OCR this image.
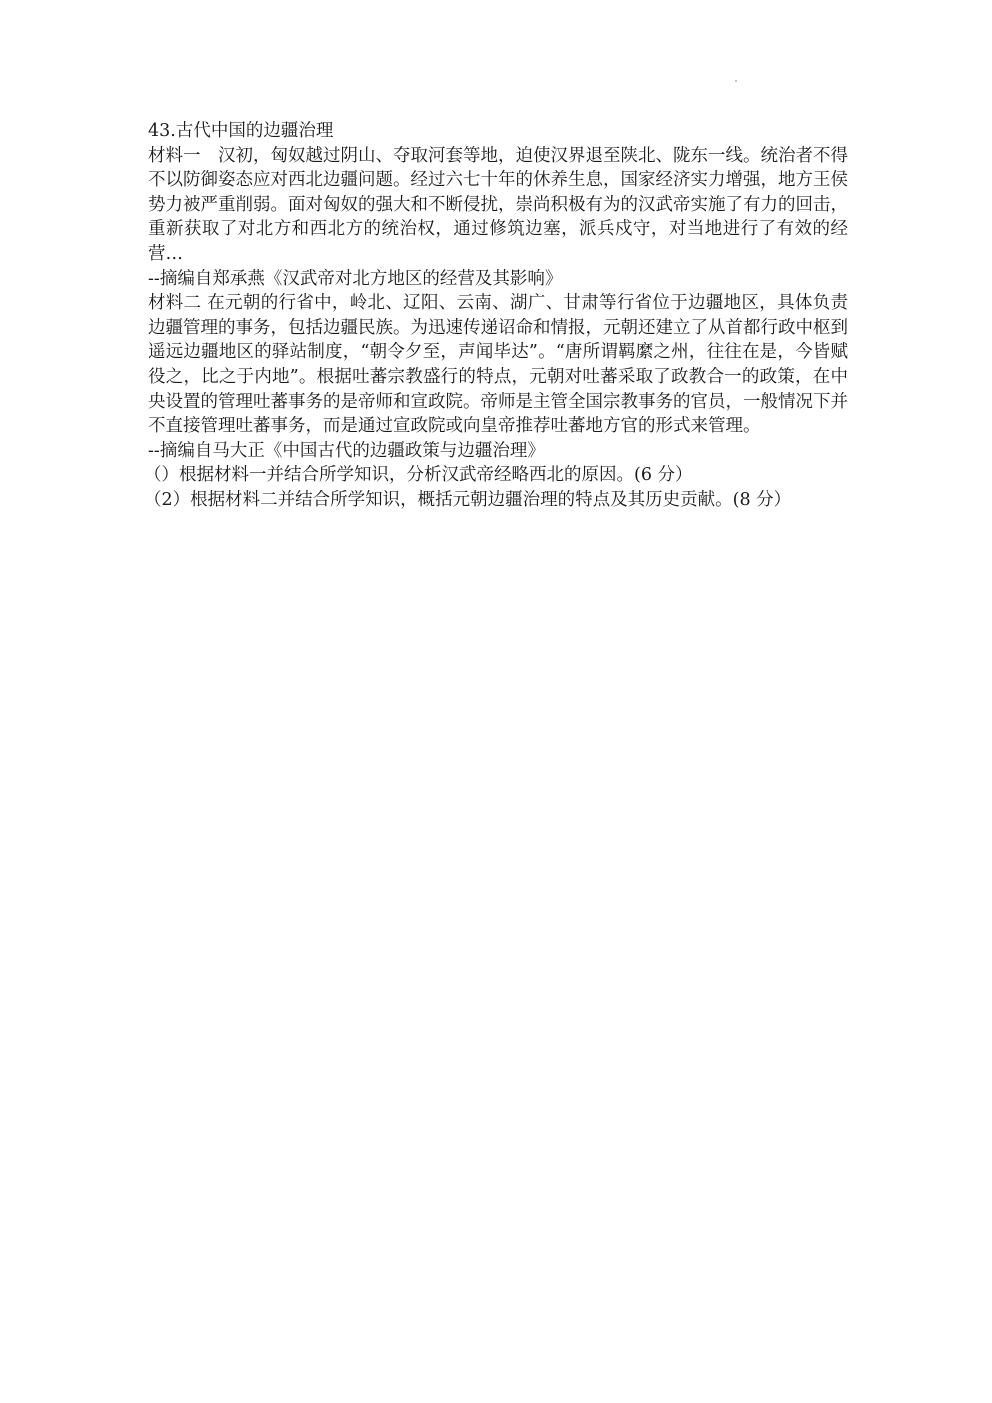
43.古代中国的边疆治理

材料一　汉初，匈奴越过阴山、夺取河套等地，迫使汉界退至陕北、陇东一线。统治者不得不以防御姿态应对西北边疆问题。经过六七十年的休养生息，国家经济实力增强，地方王侯势力被严重削弱。面对匈奴的强大和不断侵扰，崇尚积极有为的汉武帝实施了有力的回击，重新获取了对北方和西北方的统治权，通过修筑边塞，派兵戍守，对当地进行了有效的经营…

--摘编自郑承燕《汉武帝对北方地区的经营及其影响》

材料二 在元朝的行省中，岭北、辽阳、云南、湖广、甘肃等行省位于边疆地区，具体负责边疆管理的事务，包括边疆民族。为迅速传递诏命和情报，元朝还建立了从首都行政中枢到遥远边疆地区的驿站制度，“朝令夕至，声闻毕达”。“唐所谓羁縻之州，往往在是，今皆赋役之，比之于内地”。根据吐蕃宗教盛行的特点，元朝对吐蕃采取了政教合一的政策，在中央设置的管理吐蕃事务的是帝师和宣政院。帝师是主管全国宗教事务的官员，一般情况下并不直接管理吐蕃事务，而是通过宣政院或向皇帝推荐吐蕃地方官的形式来管理。

--摘编自马大正《中国古代的边疆政策与边疆治理》

（）根据材料一并结合所学知识，分析汉武帝经略西北的原因。(6 分）

（2）根据材料二并结合所学知识，概括元朝边疆治理的特点及其历史贡献。(8 分）
